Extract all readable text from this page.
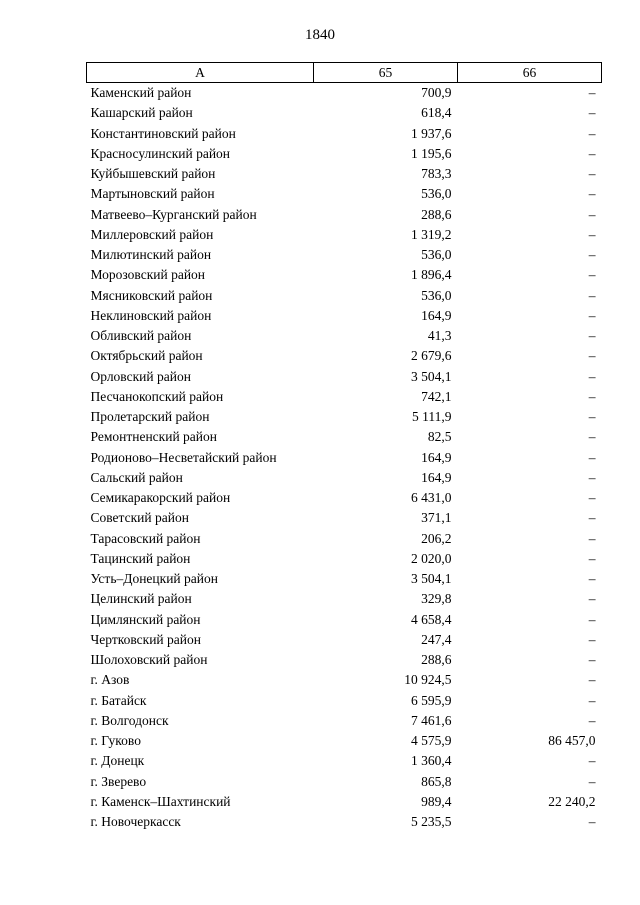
1840
А	65	66
Каменский район	700,9	–
Кашарский район	618,4	–
Константиновский район	1 937,6	–
Красносулинский район	1 195,6	–
Куйбышевский район	783,3	–
Мартыновский район	536,0	–
Матвеево–Курганский район	288,6	–
Миллеровский район	1 319,2	–
Милютинский район	536,0	–
Морозовский район	1 896,4	–
Мясниковский район	536,0	–
Неклиновский район	164,9	–
Обливский район	41,3	–
Октябрьский район	2 679,6	–
Орловский район	3 504,1	–
Песчанокопский район	742,1	–
Пролетарский район	5 111,9	–
Ремонтненский район	82,5	–
Родионово–Несветайский район	164,9	–
Сальский район	164,9	–
Семикаракорский район	6 431,0	–
Советский район	371,1	–
Тарасовский район	206,2	–
Тацинский район	2 020,0	–
Усть–Донецкий район	3 504,1	–
Целинский район	329,8	–
Цимлянский район	4 658,4	–
Чертковский район	247,4	–
Шолоховский район	288,6	–
г. Азов	10 924,5	–
г. Батайск	6 595,9	–
г. Волгодонск	7 461,6	–
г. Гуково	4 575,9	86 457,0
г. Донецк	1 360,4	–
г. Зверево	865,8	–
г. Каменск–Шахтинский	989,4	22 240,2
г. Новочеркасск	5 235,5	–
